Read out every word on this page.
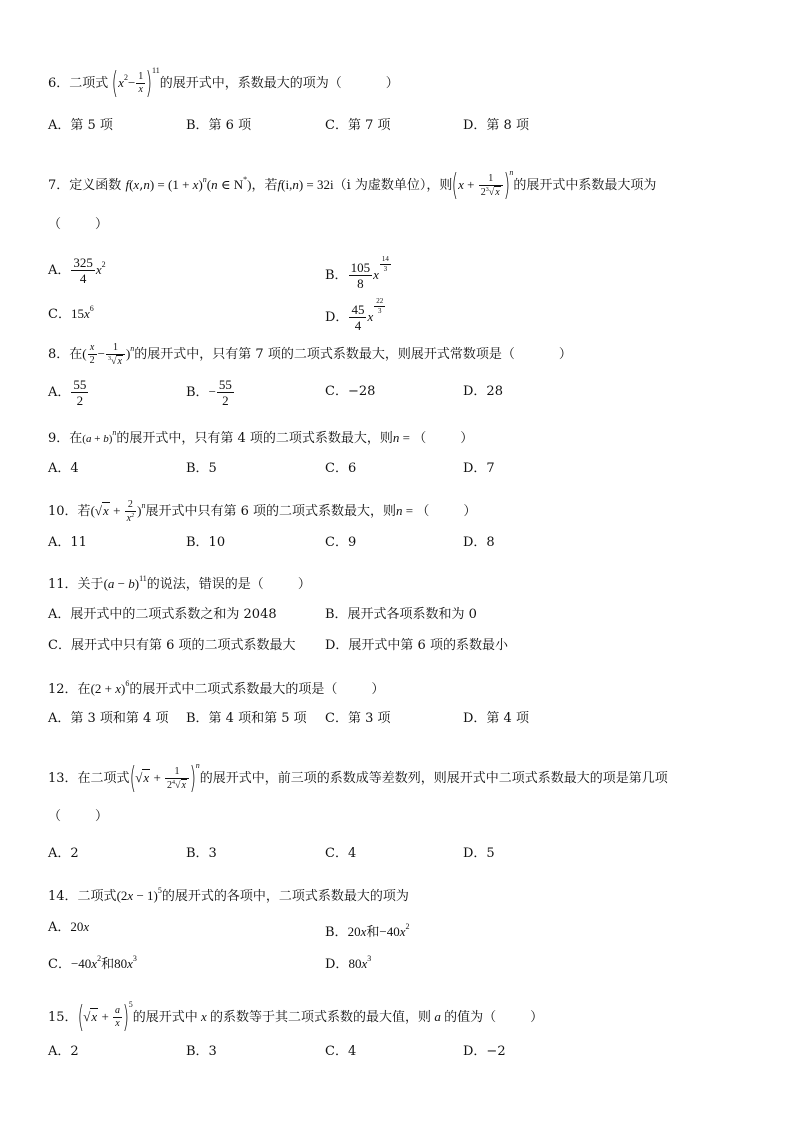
6．二项式 $(x^2- \frac{1}{x} )^{11}$的展开式中，系数最大的项为（	）
A．第 5 项	B．第 6 项	C．第 7 项	D．第 8 项
7．定义函数 $f(x,n) = (1 + x)^n(n$ ∈ N*)，若f(i,n) = 32i（i 为虚数单位），则$(x + \frac{1}{2^3√x} )^n$的展开式中系数最大项为
（	）
A． $\frac{325}{4} x^2$
B． $\frac{105}{8}$ x
$\frac{14}{3}$
C．$15x^6$
D． $\frac{45}{4}$ x
$\frac{22}{3}$
8．在( $\frac{x}{2} - \frac{1}{^3√x} )^n$的展开式中，只有第 7 项的二项式系数最大，则展开式常数项是（	）
A． $\frac{55}{2}$	B．− $\frac{55}{2}$	C．−28	D．28
9．在$(a + b)^n$的展开式中，只有第 4 项的二项式系数最大，则n = （	）
A．4	B．5	C．6	D．7
10．若$(√x + \frac{2}{x^2} )^n$展开式中只有第 6 项的二项式系数最大，则n = （	）
A．11	B．10	C．9	D．8
11．关于$(a - b)^{11}$的说法，错误的是（	）
A．展开式中的二项式系数之和为 2048	B．展开式各项系数和为 0
C．展开式中只有第 6 项的二项式系数最大 D．展开式中第 6 项的系数最小
12．在$(2 + x)^6$的展开式中二项式系数最大的项是（	）
A．第 3 项和第 4 项 B．第 4 项和第 5 项 C．第 3 项	D．第 4 项
13．在二项式$(√x + \frac{1}{2^4√x} )^n$的展开式中，前三项的系数成等差数列，则展开式中二项式系数最大的项是第几项
（	）
A．2	B．3	C．4	D．5
14．二项式$(2x - 1)^5$的展开式的各项中，二项式系数最大的项为
A．20x	B．20x和$-40x^2$
C．$-40x^2$和$80x^3$	D．$80x^3$
15．$(√x + \frac{a}{x} )^5$的展开式中 x 的系数等于其二项式系数的最大值，则 a 的值为（	）
A．2	B．3	C．4	D．−2
